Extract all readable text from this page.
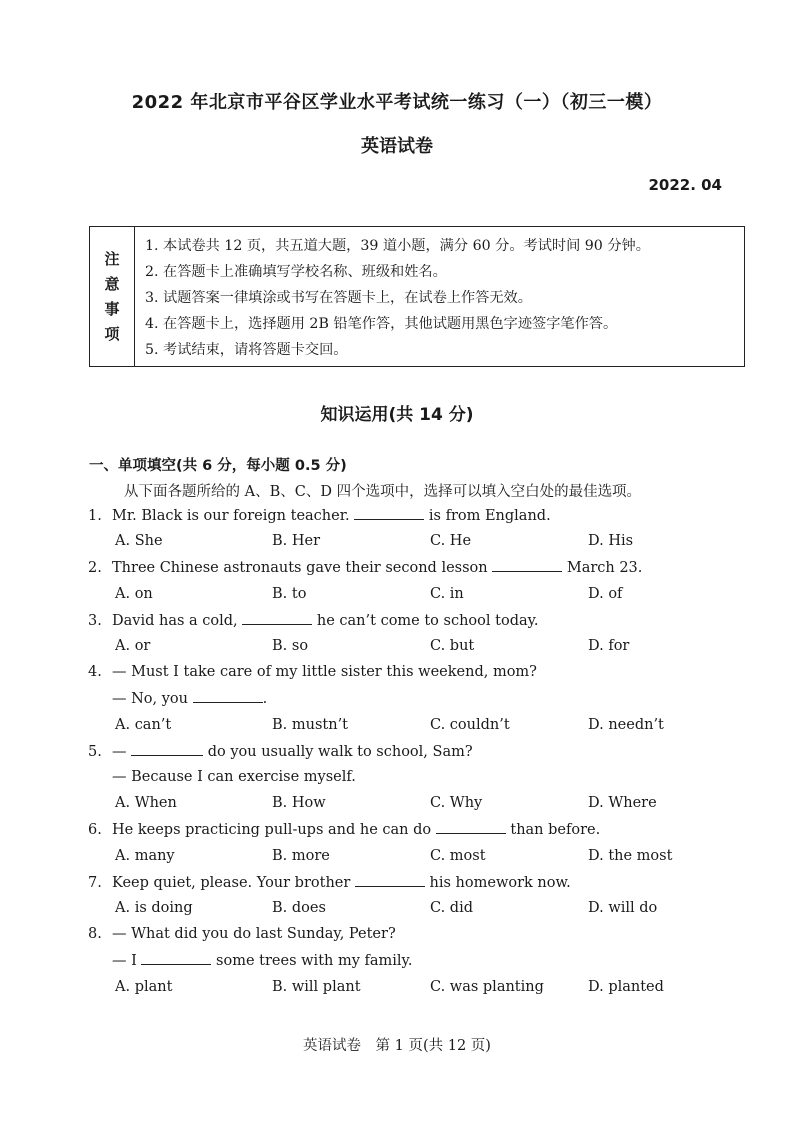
2022 年北京市平谷区学业水平考试统一练习（一）（初三一模）
英语试卷
2022. 04
注
意
事
项
1. 本试卷共 12 页，共五道大题，39 道小题，满分 60 分。考试时间 90 分钟。
2. 在答题卡上准确填写学校名称、班级和姓名。
3. 试题答案一律填涂或书写在答题卡上，在试卷上作答无效。
4. 在答题卡上，选择题用 2B 铅笔作答，其他试题用黑色字迹签字笔作答。
5. 考试结束，请将答题卡交回。
知识运用(共 14 分)
一、单项填空(共 6 分，每小题 0.5 分)
从下面各题所给的 A、B、C、D 四个选项中，选择可以填入空白处的最佳选项。
1. Mr. Black is our foreign teacher.	is from England.
A. She	B. Her	C. He	D. His
2. Three Chinese astronauts gave their second lesson	March 23.
A. on	B. to	C. in	D. of
3. David has a cold,	he can’t come to school today.
A. or	B. so	C. but	D. for
4. — Must I take care of my little sister this weekend, mom?
— No, you	.
A. can’t	B. mustn’t	C. couldn’t	D. needn’t
5. —	do you usually walk to school, Sam?
— Because I can exercise myself.
A. When	B. How	C. Why	D. Where
6. He keeps practicing pull-ups and he can do	than before.
A. many	B. more	C. most	D. the most
7. Keep quiet, please. Your brother	his homework now.
A. is doing	B. does	C. did	D. will do
8. — What did you do last Sunday, Peter?
— I	some trees with my family.
A. plant	B. will plant	C. was planting	D. planted
英语试卷　第 1 页(共 12 页)
